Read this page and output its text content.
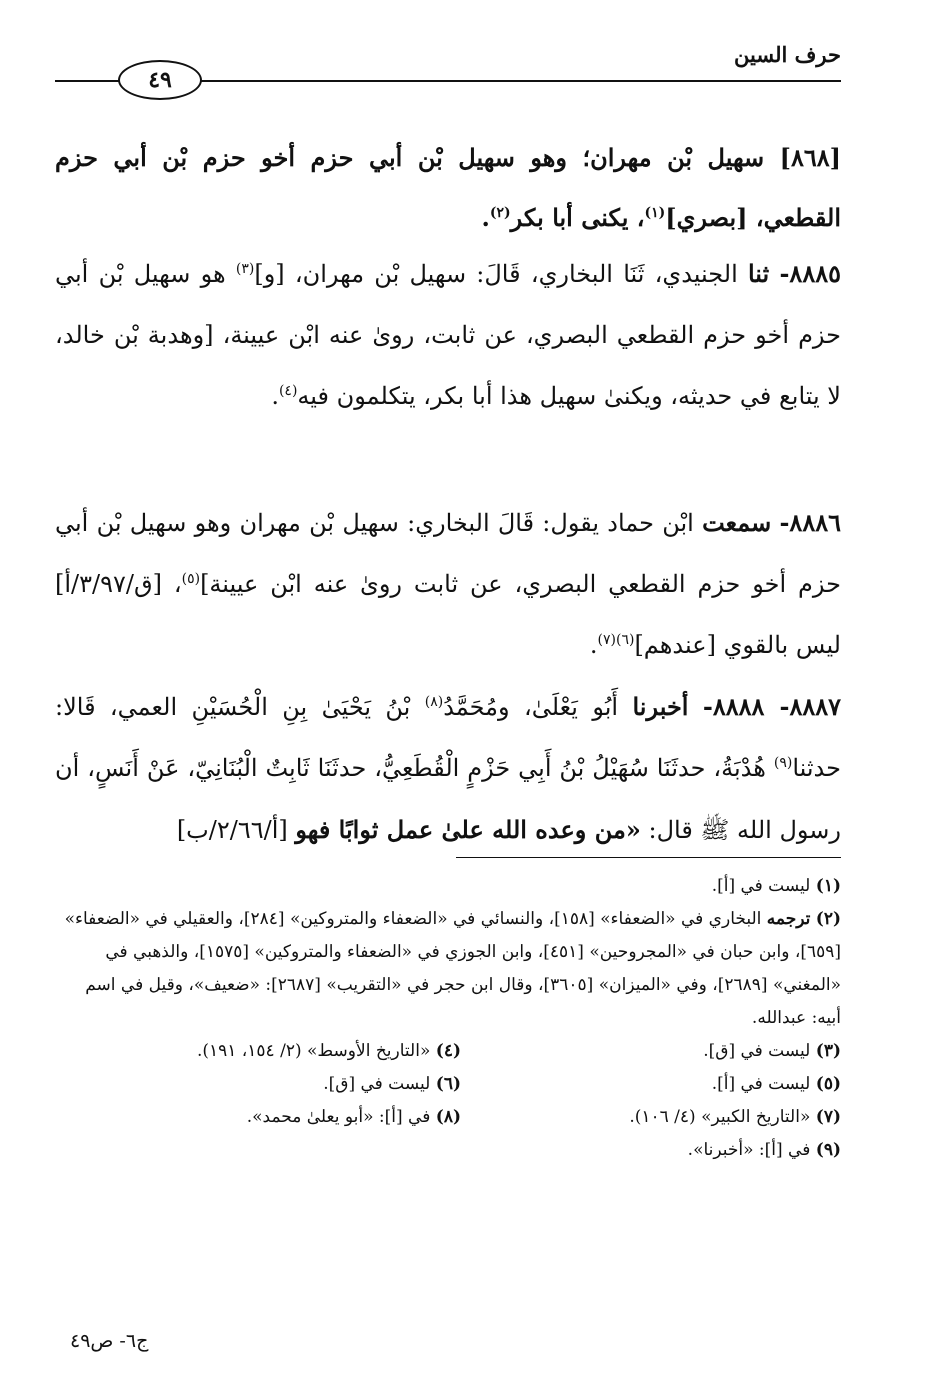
حرف السين
٤٩
[٨٦٨] سهيل بْن مهران؛ وهو سهيل بْن أبي حزم أخو حزم بْن أبي حزم القطعي، [بصري]$^{(١)}$، يكنى أبا بكر$^{(٢)}$.
٨٨٨٥- ثنا الجنيدي، ثَنَا البخاري، قَالَ: سهيل بْن مهران، [و]$^{(٣)}$ هو سهيل بْن أبي حزم أخو حزم القطعي البصري، عن ثابت، روىٰ عنه ابْن عيينة، [وهدبة بْن خالد، لا يتابع في حديثه، ويكنىٰ سهيل هذا أبا بكر، يتكلمون فيه$^{(٤)}$.
٨٨٨٦- سمعت ابْن حماد يقول: قَالَ البخاري: سهيل بْن مهران وهو سهيل بْن أبي حزم أخو حزم القطعي البصري، عن ثابت روىٰ عنه ابْن عيينة]$^{(٥)}$، [ق/٣/٩٧/أ] ليس بالقوي [عندهم]$^{(٦)(٧)}$.
٨٨٨٧- ٨٨٨٨- أخبرنا أَبُو يَعْلَىٰ، ومُحَمَّدُ$^{(٨)}$ بْنُ يَحْيَىٰ بِنِ الْحُسَيْنِ العمي، قَالا: حدثنا$^{(٩)}$ هُدْبَةُ، حدثَنَا سُهَيْلُ بْنُ أَبِي حَزْمٍ الْقُطَعِيُّ، حدثَنَا ثَابِتٌ الْبُنَانِيّ، عَنْ أَنَسٍ، أن رسول الله ﷺ قال: «من وعده الله علىٰ عمل ثوابًا فهو [أ/٢/٦٦/ب]

(١) ليست في [أ].

(٢) ترجمه البخاري في «الضعفاء» [١٥٨]، والنسائي في «الضعفاء والمتروكين» [٢٨٤]، والعقيلي في «الضعفاء» [٦٥٩]، وابن حبان في «المجروحين» [٤٥١]، وابن الجوزي في «الضعفاء والمتروكين» [١٥٧٥]، والذهبي في «المغني» [٢٦٨٩]، وفي «الميزان» [٣٦٠٥]، وقال ابن حجر في «التقريب» [٢٦٨٧]: «ضعيف»، وقيل في اسم أبيه: عبدالله.

(٣) ليست في [ق].

(٤) «التاريخ الأوسط» (٢/ ١٥٤، ١٩١).

(٥) ليست في [أ].

(٦) ليست في [ق].

(٧) «التاريخ الكبير» (٤/ ١٠٦).

(٨) في [أ]: «أبو يعلىٰ محمد».

(٩) في [أ]: «أخبرنا».

ج٦- ص٤٩
